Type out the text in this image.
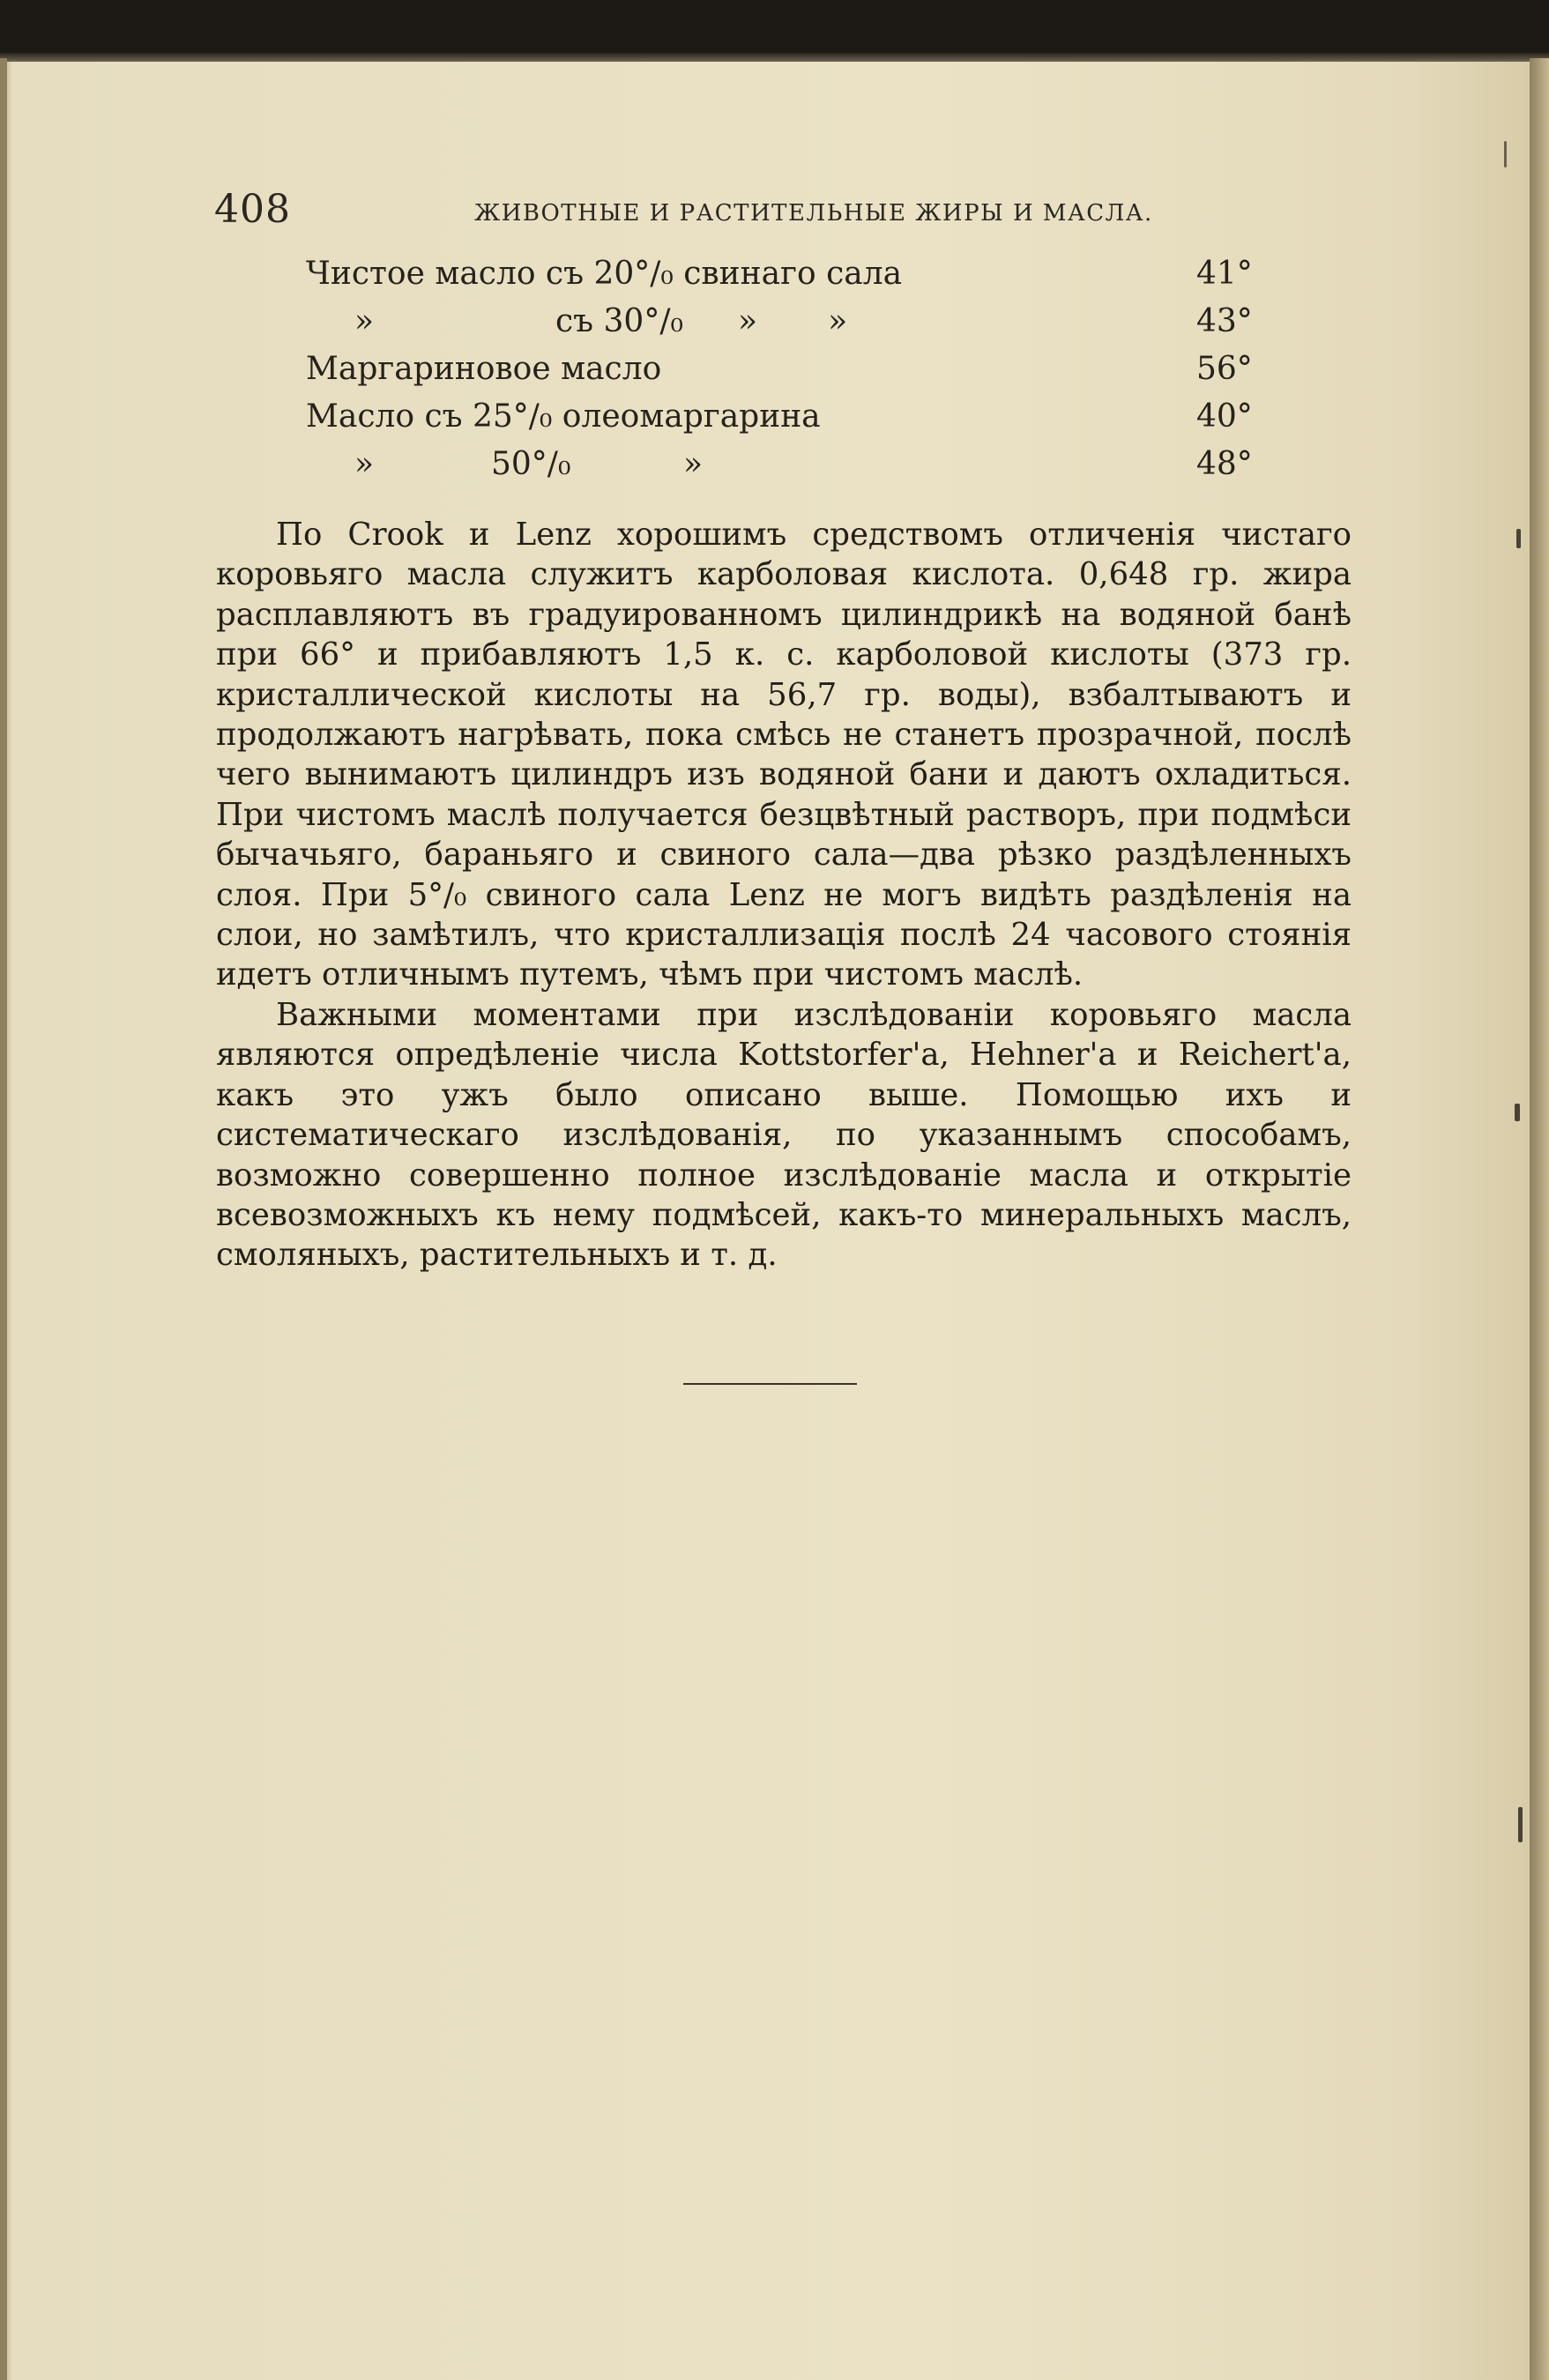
408	ЖИВОТНЫЕ И РАСТИТЕЛЬНЫЕ ЖИРЫ И МАСЛА.
Чистое масло съ 20°/₀ свинаго сала	41°
»	съ 30°/₀ »       »	43°
Маргариновое масло	56°
Масло съ 25°/₀ олеомаргарина	40°
»	50°/₀	»	48°

По Crook и Lenz хорошимъ средствомъ отличенія чистаго коровьяго масла служитъ карболовая кислота. 0,648 гр. жира расплавляютъ въ градуированномъ цилиндрикѣ на водяной банѣ при 66° и прибавляютъ 1,5 к. с. карболовой кислоты (373 гр. кристаллической кислоты на 56,7 гр. воды), взбалтываютъ и продолжаютъ нагрѣвать, пока смѣсь не станетъ прозрачной, послѣ чего вынимаютъ цилиндръ изъ водяной бани и даютъ охладиться. При чистомъ маслѣ получается безцвѣтный растворъ, при подмѣси бычачьяго, бараньяго и свиного сала—два рѣзко раздѣленныхъ слоя. При 5°/₀ свиного сала Lenz не могъ видѣть раздѣленія на слои, но замѣтилъ, что кристаллизація послѣ 24 часового стоянія идетъ отличнымъ путемъ, чѣмъ при чистомъ маслѣ.

Важными моментами при изслѣдованіи коровьяго масла являются опредѣленіе числа Kottstorfer'а, Hehner'а и Reichert'а, какъ это ужъ было описано выше. Помощью ихъ и систематическаго изслѣдованія, по указаннымъ способамъ, возможно совершенно полное изслѣдованіе масла и открытіе всевозможныхъ къ нему подмѣсей, какъ-то минеральныхъ маслъ, смоляныхъ, растительныхъ и т. д.
